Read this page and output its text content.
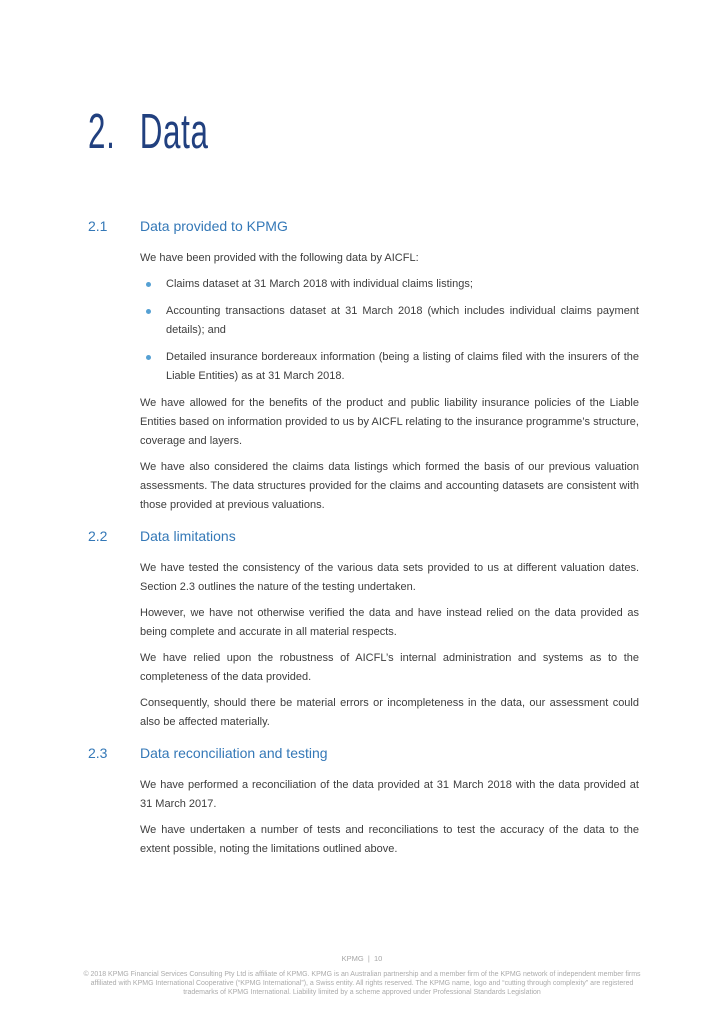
2. Data
2.1	Data provided to KPMG

We have been provided with the following data by AICFL:

Claims dataset at 31 March 2018 with individual claims listings;
Accounting transactions dataset at 31 March 2018 (which includes individual claims payment details); and
Detailed insurance bordereaux information (being a listing of claims filed with the insurers of the Liable Entities) as at 31 March 2018.

We have allowed for the benefits of the product and public liability insurance policies of the Liable Entities based on information provided to us by AICFL relating to the insurance programme’s structure, coverage and layers.

We have also considered the claims data listings which formed the basis of our previous valuation assessments. The data structures provided for the claims and accounting datasets are consistent with those provided at previous valuations.

2.2	Data limitations

We have tested the consistency of the various data sets provided to us at different valuation dates. Section 2.3 outlines the nature of the testing undertaken.

However, we have not otherwise verified the data and have instead relied on the data provided as being complete and accurate in all material respects.

We have relied upon the robustness of AICFL’s internal administration and systems as to the completeness of the data provided.

Consequently, should there be material errors or incompleteness in the data, our assessment could also be affected materially.

2.3	Data reconciliation and testing

We have performed a reconciliation of the data provided at 31 March 2018 with the data provided at 31 March 2017.

We have undertaken a number of tests and reconciliations to test the accuracy of the data to the extent possible, noting the limitations outlined above.

KPMG  |  10
© 2018 KPMG Financial Services Consulting Pty Ltd is affiliate of KPMG. KPMG is an Australian partnership and a member firm of the KPMG network of independent member firms
affiliated with KPMG International Cooperative (“KPMG International”), a Swiss entity. All rights reserved. The KPMG name, logo and “cutting through complexity” are registered
trademarks of KPMG International. Liability limited by a scheme approved under Professional Standards Legislation
